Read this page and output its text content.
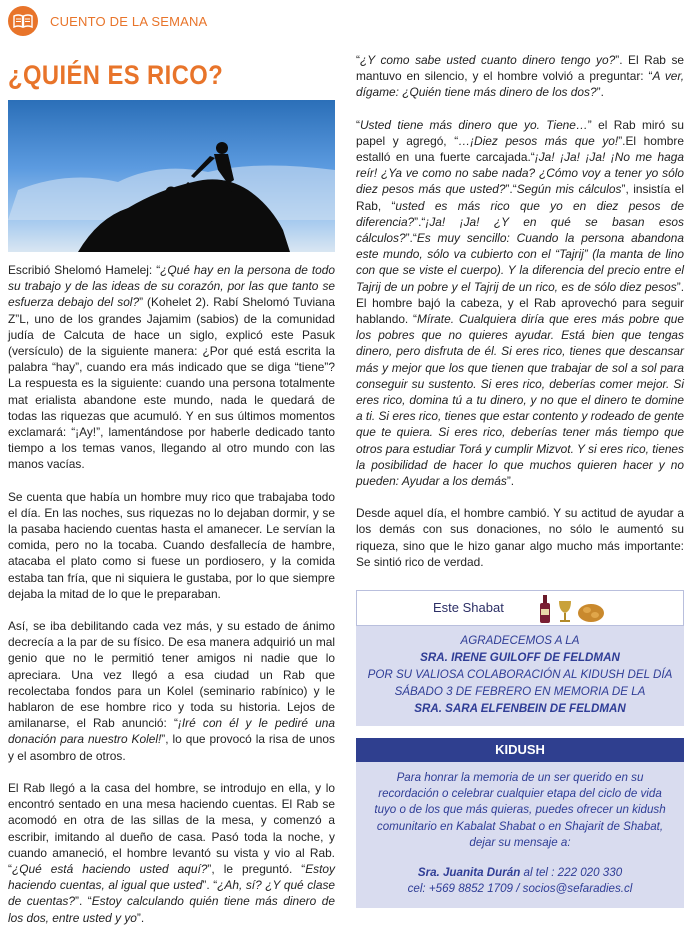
CUENTO DE LA SEMANA
¿QUIÉN ES RICO?

Escribió Shelomó Hamelej: “¿Qué hay en la persona de todo su trabajo y de las ideas de su corazón, por las que tanto se esfuerza debajo del sol?” (Kohelet 2). Rabí Shelomó Tuviana Z”L, uno de los grandes Jajamim (sabios) de la comunidad judía de Calcuta de hace un siglo, explicó este Pasuk (versículo) de la siguiente manera: ¿Por qué está escrita la palabra “hay”, cuando era más indicado que se diga “tiene”? La respuesta es la siguiente: cuando una persona totalmente mat erialista abandone este mundo, nada le quedará de todas las riquezas que acumuló. Y en sus últimos momentos exclamará: “¡Ay!”, lamentándose por haberle dedicado tanto tiempo a los temas vanos, llegando al otro mundo con las manos vacías.

Se cuenta que había un hombre muy rico que trabajaba todo el día. En las noches, sus riquezas no lo dejaban dormir, y se la pasaba haciendo cuentas hasta el amanecer. Le servían la comida, pero no la tocaba. Cuando desfallecía de hambre, atacaba el plato como si fuese un pordiosero, y la comida estaba tan fría, que ni siquiera le gustaba, por lo que siempre dejaba la mitad de lo que le preparaban.

Así, se iba debilitando cada vez más, y su estado de ánimo decrecía a la par de su físico. De esa manera adquirió un mal genio que no le permitió tener amigos ni nadie que lo apreciara. Una vez llegó a esa ciudad un Rab que recolectaba fondos para un Kolel (seminario rabínico) y le hablaron de ese hombre rico y toda su historia. Lejos de amilanarse, el Rab anunció: “¡Iré con él y le pediré una donación para nuestro Kolel!”, lo que provocó la risa de unos y el asombro de otros.

El Rab llegó a la casa del hombre, se introdujo en ella, y lo encontró sentado en una mesa haciendo cuentas. El Rab se acomodó en otra de las sillas de la mesa, y comenzó a escribir, imitando al dueño de casa. Pasó toda la noche, y cuando amaneció, el hombre levantó su vista y vio al Rab. “¿Qué está haciendo usted aquí?”, le preguntó. “Estoy haciendo cuentas, al igual que usted”. “¿Ah, sí? ¿Y qué clase de cuentas?”. “Estoy calculando quién tiene más dinero de los dos, entre usted y yo”.

“¿Y como sabe usted cuanto dinero tengo yo?”. El Rab se mantuvo en silencio, y el hombre volvió a preguntar: “A ver, dígame: ¿Quién tiene más dinero de los dos?”.

“Usted tiene más dinero que yo. Tiene…” el Rab miró su papel y agregó, “…¡Diez pesos más que yo!”.El hombre estalló en una fuerte carcajada.“¡Ja! ¡Ja! ¡Ja! ¡No me haga reír! ¿Ya ve como no sabe nada? ¿Cómo voy a tener yo sólo diez pesos más que usted?”.“Según mis cálculos”, insistía el Rab, “usted es más rico que yo en diez pesos de diferencia?”.“¡Ja! ¡Ja! ¿Y en qué se basan esos cálculos?”.“Es muy sencillo: Cuando la persona abandona este mundo, sólo va cubierto con el “Tajrij” (la manta de lino con que se viste el cuerpo). Y la diferencia del precio entre el Tajrij de un pobre y el Tajrij de un rico, es de sólo diez pesos”. El hombre bajó la cabeza, y el Rab aprovechó para seguir hablando. “Mírate. Cualquiera diría que eres más pobre que los pobres que no quieres ayudar. Está bien que tengas dinero, pero disfruta de él. Si eres rico, tienes que descansar más y mejor que los que tienen que trabajar de sol a sol para conseguir su sustento. Si eres rico, deberías comer mejor. Si eres rico, domina tú a tu dinero, y no que el dinero te domine a ti. Si eres rico, tienes que estar contento y rodeado de gente que te quiera. Si eres rico, deberías tener más tiempo que otros para estudiar Torá y cumplir Mizvot. Y si eres rico, tienes la posibilidad de hacer lo que muchos quieren hacer y no pueden: Ayudar a los demás”.

Desde aquel día, el hombre cambió. Y su actitud de ayudar a los demás con sus donaciones, no sólo le aumentó su riqueza, sino que le hizo ganar algo mucho más importante: Se sintió rico de verdad.

Este Shabat
AGRADECEMOS A LA
SRA. IRENE GUILOFF DE FELDMAN
POR SU VALIOSA COLABORACIÓN AL KIDUSH DEL DÍA
SÁBADO 3 DE FEBRERO EN MEMORIA DE LA
SRA. SARA ELFENBEIN DE FELDMAN
KIDUSH
Para honrar la memoria de un ser querido en su recordación o celebrar cualquier etapa del ciclo de vida tuyo o de los que más quieras, puedes ofrecer un kidush comunitario en Kabalat Shabat o en Shajarit de Shabat, dejar su mensaje a:
Sra. Juanita Durán al tel : 222 020 330
cel: +569 8852 1709 / socios@sefaradies.cl
